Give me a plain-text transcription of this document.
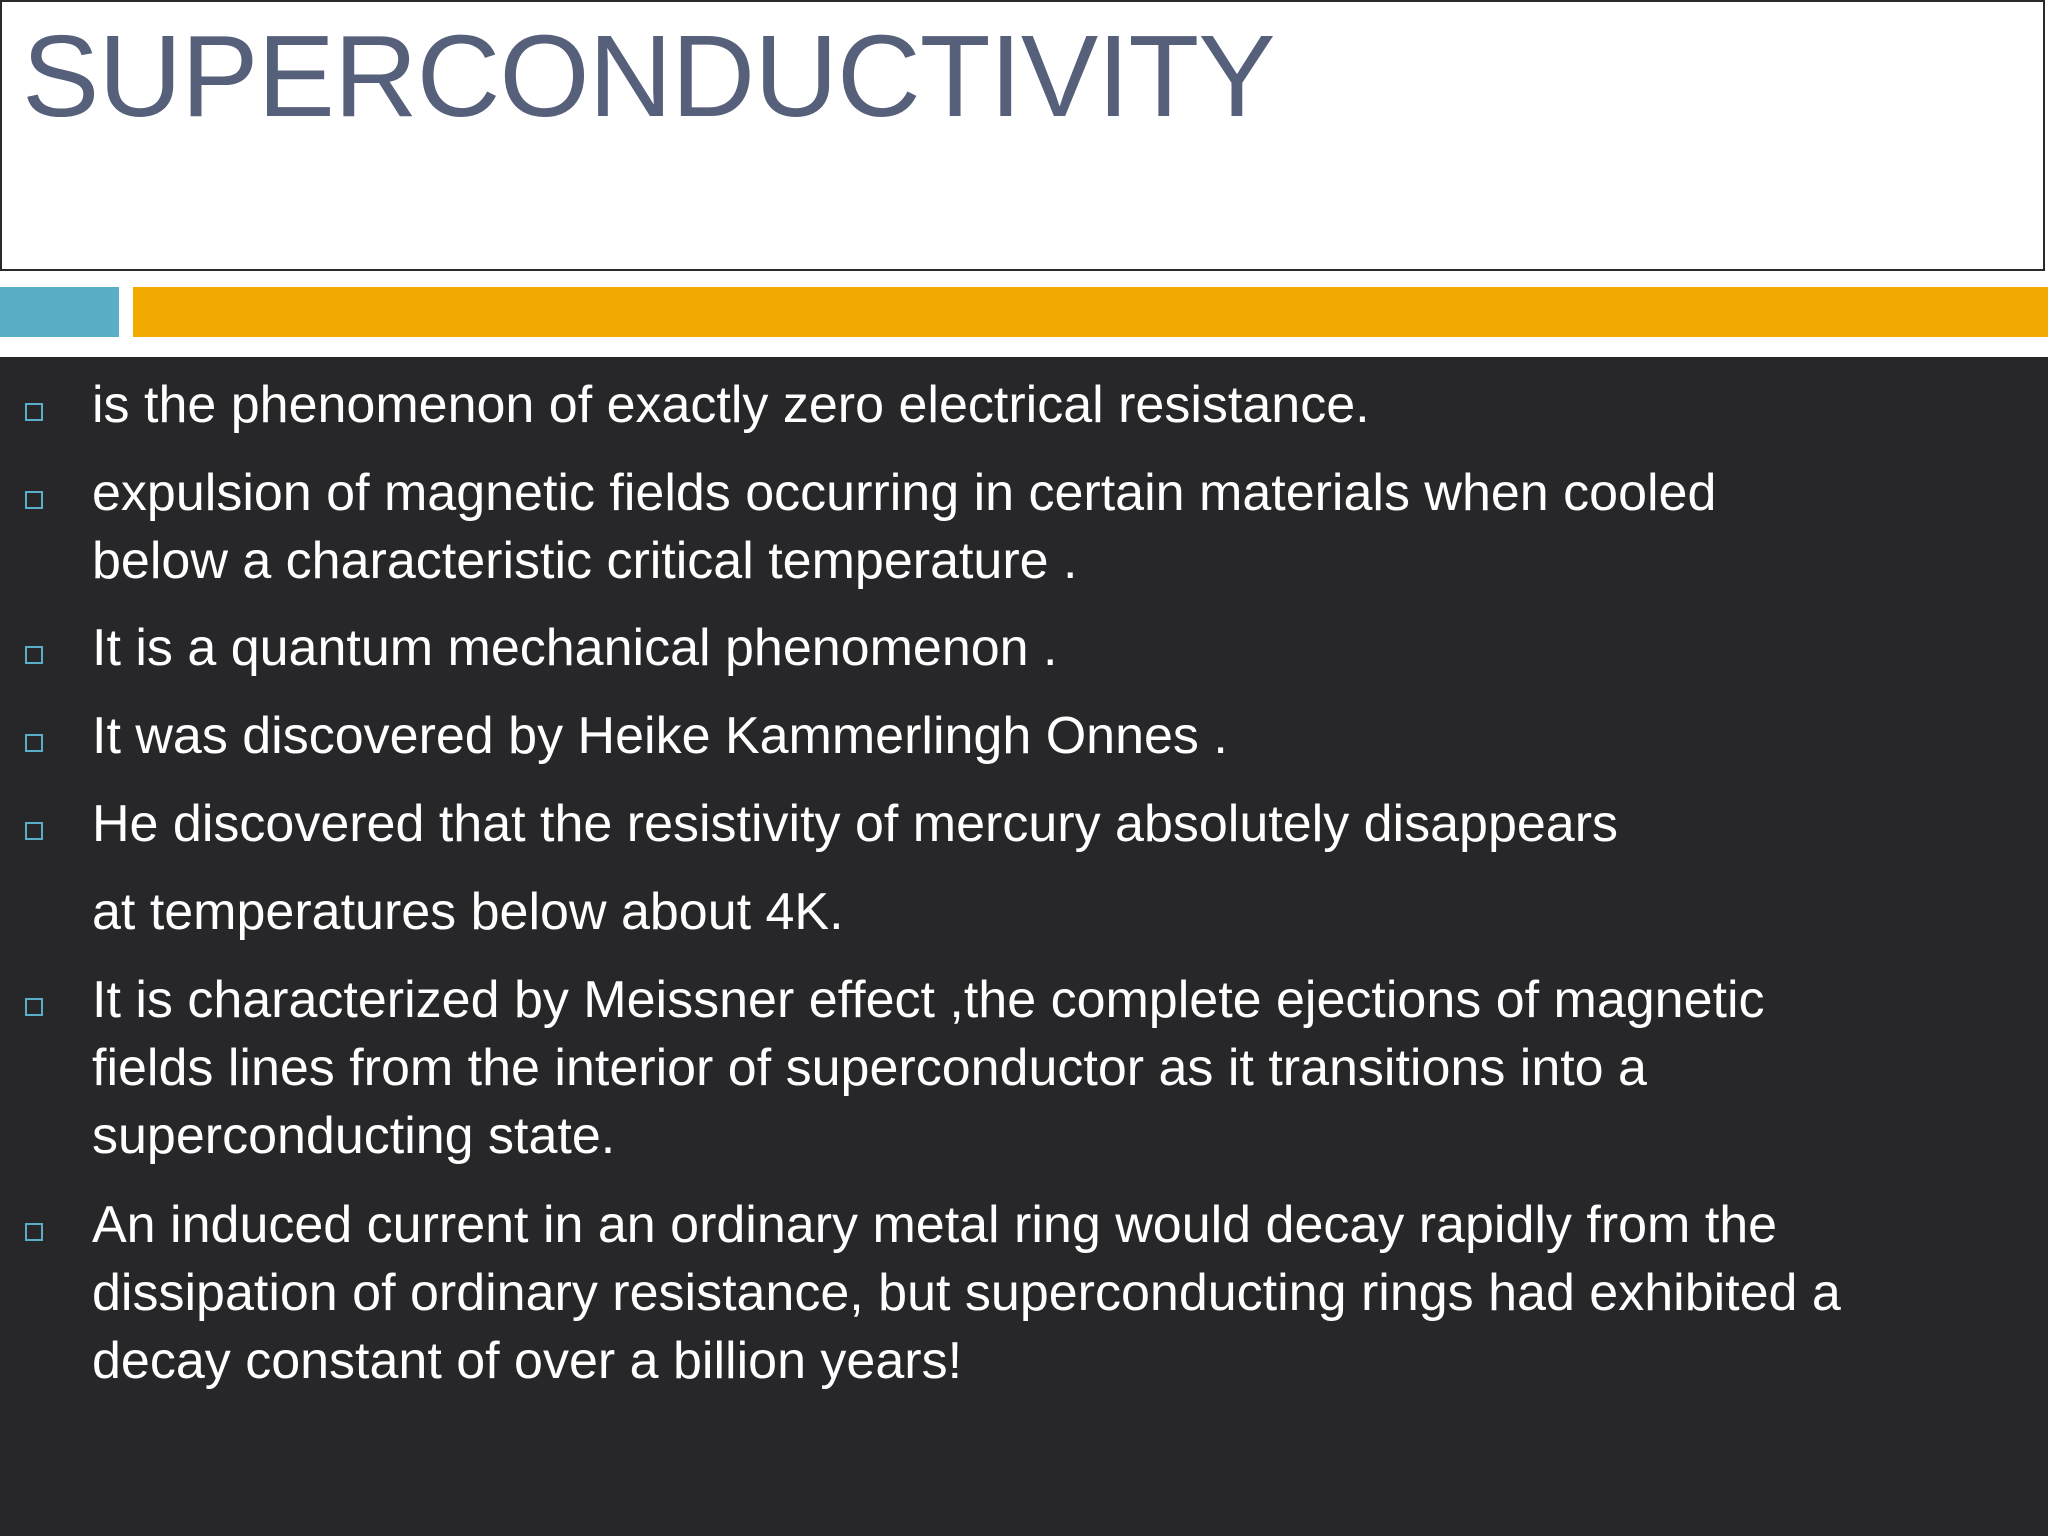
SUPERCONDUCTIVITY
is the phenomenon of exactly zero electrical resistance.
expulsion of magnetic fields occurring in certain materials when cooled
below a characteristic critical temperature .
It is a quantum mechanical phenomenon .
It was discovered by Heike Kammerlingh Onnes .
He discovered that the resistivity of mercury absolutely disappears
at temperatures below about 4K.
It is characterized by Meissner effect ,the complete ejections of magnetic
fields lines from the interior of superconductor as it transitions into a
superconducting state.
An induced current in an ordinary metal ring would decay rapidly from the
dissipation of ordinary resistance, but superconducting rings had exhibited a
decay constant of over a billion years!
